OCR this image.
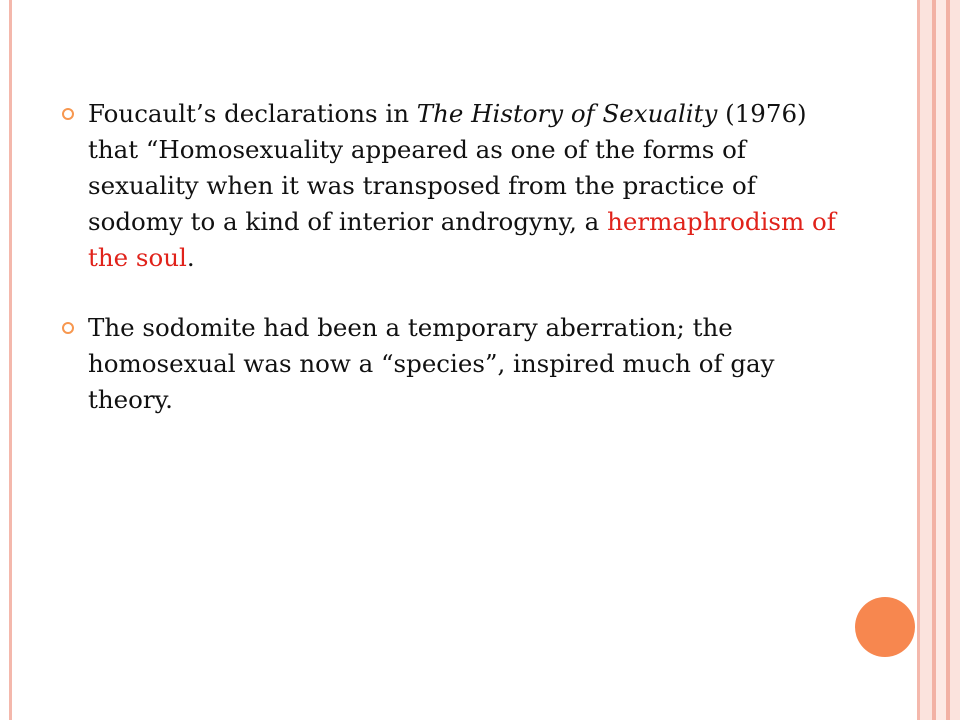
Foucault’s declarations in The History of Sexuality (1976) that “Homosexuality appeared as one of the forms of sexuality when it was transposed from the practice of sodomy to a kind of interior androgyny, a hermaphrodism of the soul.
The sodomite had been a temporary aberration; the homosexual was now a “species”, inspired much of gay theory.
